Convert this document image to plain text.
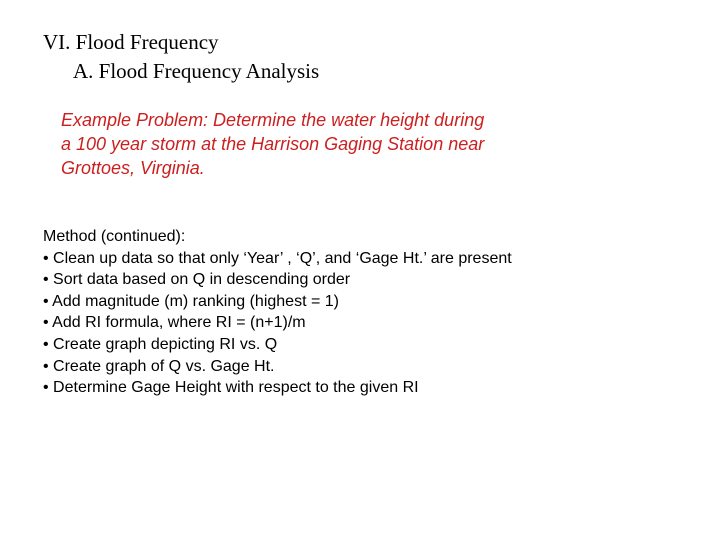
VI. Flood Frequency
A. Flood Frequency Analysis
Example Problem: Determine the water height during
a 100 year storm at the Harrison Gaging Station near
Grottoes, Virginia.
Method (continued):
• Clean up data so that only ‘Year’ , ‘Q’, and ‘Gage Ht.’ are present
• Sort data based on Q in descending order
• Add magnitude (m) ranking (highest = 1)
• Add RI formula, where RI = (n+1)/m
• Create graph depicting RI vs. Q
• Create graph of Q vs. Gage Ht.
• Determine Gage Height with respect to the given RI
